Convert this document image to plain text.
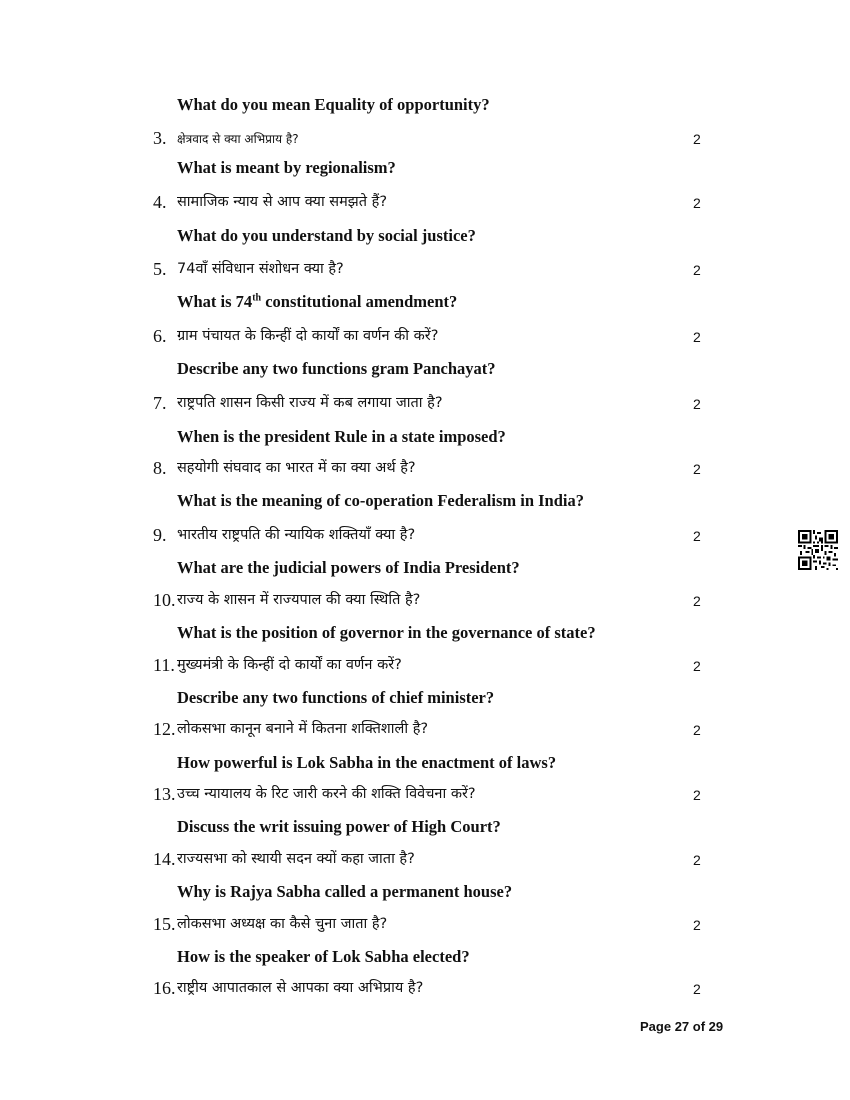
What do you mean Equality of opportunity?
3. क्षेत्रवाद से क्या अभिप्राय है?	2
What is meant by regionalism?
4. सामाजिक न्याय से आप क्या समझते हैं?	2
What do you understand by social justice?
5. 74वॉं संविधान संशोधन क्या है?	2
What is 74th constitutional amendment?
6. ग्राम पंचायत के किन्हीं दो कार्यों का वर्णन की करें?	2
Describe any two functions gram Panchayat?
7. राष्ट्रपति शासन किसी राज्य में कब लगाया जाता है?	2
When is the president Rule in a state imposed?
8. सहयोगी संघवाद का भारत में का क्या अर्थ है?	2
What is the meaning of co-operation Federalism in India?
9. भारतीय राष्ट्रपति की न्यायिक शक्तियाँ क्या है?	2
What are the judicial powers of India President?
10. राज्य के शासन में राज्यपाल की क्या स्थिति है?	2
What is the position of governor in the governance of state?
11. मुख्यमंत्री के किन्हीं दो कार्यों का वर्णन करें?	2
Describe any two functions of chief minister?
12. लोकसभा कानून बनाने में कितना शक्तिशाली है?	2
How powerful is Lok Sabha in the enactment of laws?
13. उच्च न्यायालय के रिट जारी करने की शक्ति विवेचना करें?	2
Discuss the writ issuing power of High Court?
14. राज्यसभा को स्थायी सदन क्यों कहा जाता है?	2
Why is Rajya Sabha called a permanent house?
15. लोकसभा अध्यक्ष का कैसे चुना जाता है?	2
How is the speaker of Lok Sabha elected?
16. राष्ट्रीय आपातकाल से आपका क्या अभिप्राय है?	2
Page 27 of 29
